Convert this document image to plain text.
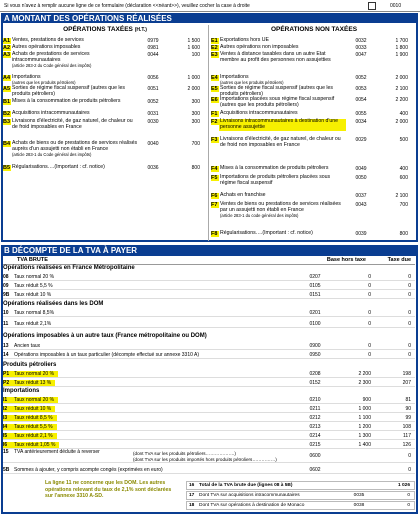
Si vous n'avez à remplir aucune ligne de ce formulaire (déclaration <<néant>>), veuillez cocher la case à droite	0010
A MONTANT DES OPÉRATIONS RÉALISÉES
OPÉRATIONS TAXÉES (H.T.)	OPÉRATIONS NON TAXÉES
A1 Ventes, prestations de services	0979	1 500
A2 Autres opérations imposables	0981	1 600
A3 Achats de prestations de services intracommunautaires
(article 283-2 du Code général des impôts)
0044	100
A4 Importations
(autres que les produits pétroliers)
0056	1 000
A5 Sorties de régime fiscal suspensif (autres que les produits pétroliers)
0051	2 000
B1 Mises à la consommation de produits pétroliers	0052	300
B2 Acquisitions intracommunautaires	0031	300
B3 Livraisons d'électricité, de gaz naturel, de chaleur ou de froid imposables en France
0030	300
B4 Achats de biens ou de prestations de services réalisés auprès d'un assujetti non établi en France
(article 283-1 du Code général des impôts)
0040	700
B5 Régularisations….(Important : cf. notice)	0036	800
E1 Exportations hors UE	0032	1 700
E2 Autres opérations non imposables	0033	1 800
E3 Ventes à distance taxables dans un autre Etat membre au profit des personnes non assujetties
0047	1 900
E4 Importations
(autres que les produits pétroliers)
0052	2 000
E5 Sorties de régime fiscal suspensif (autres que les produits pétroliers)
0053	2 100
E6 Importations placées sous régime fiscal suspensif (autres que les produits pétroliers)
0054	2 200
F1 Acquisitions intracommunautaires	0055	400
F2 Livraisons intracommunautaires à destination d'une personne assujettie
0034	2 000
F3 Livraisons d'électricité, de gaz naturel, de chaleur ou de froid non imposables en France
0029	500
F4 Mises à la consommation de produits pétroliers	0049	400
F5 Importations de produits pétroliers placées sous régime fiscal suspensif
0050	600
F6 Achats en franchise	0037	2 100
F7 Ventes de biens ou prestations de services réalisées par un assujetti non établi en France
(article 283-1 du code général des impôts)
0043	700
F8 Régularisations….(Important : cf. notice)	0039	800
B DÉCOMPTE DE LA TVA À PAYER
TVA BRUTE	Base hors taxe	Taxe due
Opérations réalisées en France Métropolitaine
08	Taux normal 20 %	0207	0	0
09	Taux réduit 5,5 %	0105	0	0
9B Taux réduit 10 %	0151	0	0
Opérations réalisées dans les DOM
10	Taux normal 8,5%	0201	0	0
11	Taux réduit 2,1%	0100	0	0
Opérations imposables à un autre taux (France métropolitaine ou DOM)
13	Ancien taux	0900	0	0
14	Opérations imposables à un taux particulier (décompte effectué sur annexe 3310 A)	0950	0	0
Produits pétroliers
P1 Taux normal 20 %	0208	2 200	198
P2 Taux réduit 13 %	0152	2 300	207
Importations
I1	Taux normal 20 %	0210	900	81
I2	Taux réduit 10 %	0211	1 000	90
I3	Taux réduit 8,5 %	0212	1 100	99
I4	Taux réduit 5,5 %	0213	1 200	108
I5	Taux réduit 2,1 %	0214	1 300	117
I6	Taux réduit 1,05 %	0215	1 400	126
15	TVA antérieurement déduite à reverser	(dont TVA sur les produits pétroliers……………….)
(dont TVA sur les produits importés hors produits pétroliers……………)
0600	0
5B Sommes à ajouter, y compris acompte congés (exprimées en euro)	0602	0
16 Total de la TVA brute due (lignes 08 à 5B)	1 026
17 Dont TVA sur acquisitions intracommunautaires	0035	0
18 Dont TVA sur opérations à destination de Monaco	0038	0
La ligne 11 ne concerne que les DOM. Les autres opérations relevant du taux de 2,1% sont déclarées sur l'annexe 3310 A-SD.
